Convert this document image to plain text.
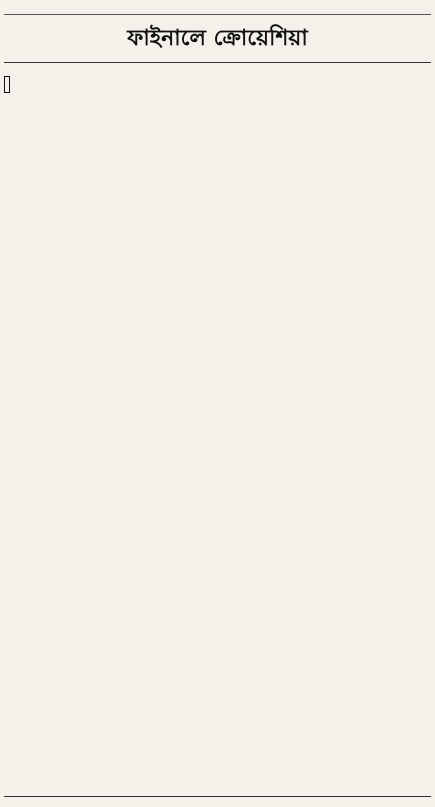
ফাইনালে ক্রোয়েশিয়া
